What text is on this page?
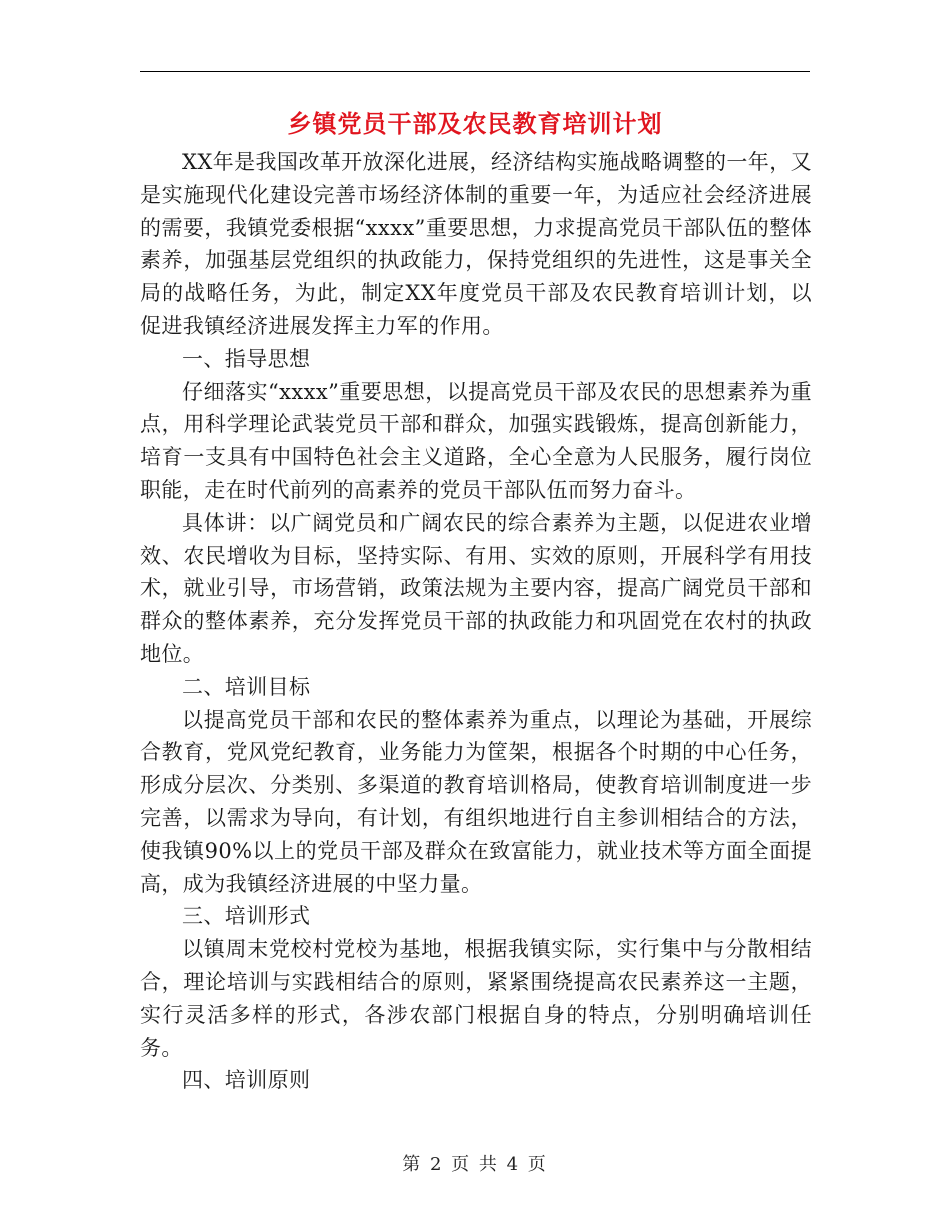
乡镇党员干部及农民教育培训计划

XX年是我国改革开放深化进展，经济结构实施战略调整的一年，又是实施现代化建设完善市场经济体制的重要一年，为适应社会经济进展的需要，我镇党委根据“xxxx”重要思想，力求提高党员干部队伍的整体素养，加强基层党组织的执政能力，保持党组织的先进性，这是事关全局的战略任务，为此，制定XX年度党员干部及农民教育培训计划，以促进我镇经济进展发挥主力军的作用。

一、指导思想

仔细落实“xxxx”重要思想，以提高党员干部及农民的思想素养为重点，用科学理论武装党员干部和群众，加强实践锻炼，提高创新能力，培育一支具有中国特色社会主义道路，全心全意为人民服务，履行岗位职能，走在时代前列的高素养的党员干部队伍而努力奋斗。

具体讲：以广阔党员和广阔农民的综合素养为主题，以促进农业增效、农民增收为目标，坚持实际、有用、实效的原则，开展科学有用技术，就业引导，市场营销，政策法规为主要内容，提高广阔党员干部和群众的整体素养，充分发挥党员干部的执政能力和巩固党在农村的执政地位。

二、培训目标

以提高党员干部和农民的整体素养为重点，以理论为基础，开展综合教育，党风党纪教育，业务能力为筐架，根据各个时期的中心任务，形成分层次、分类别、多渠道的教育培训格局，使教育培训制度进一步完善，以需求为导向，有计划，有组织地进行自主参训相结合的方法，使我镇90%以上的党员干部及群众在致富能力，就业技术等方面全面提高，成为我镇经济进展的中坚力量。

三、培训形式

以镇周末党校村党校为基地，根据我镇实际，实行集中与分散相结合，理论培训与实践相结合的原则，紧紧围绕提高农民素养这一主题，实行灵活多样的形式，各涉农部门根据自身的特点，分别明确培训任务。

四、培训原则

第 2 页 共 4 页
